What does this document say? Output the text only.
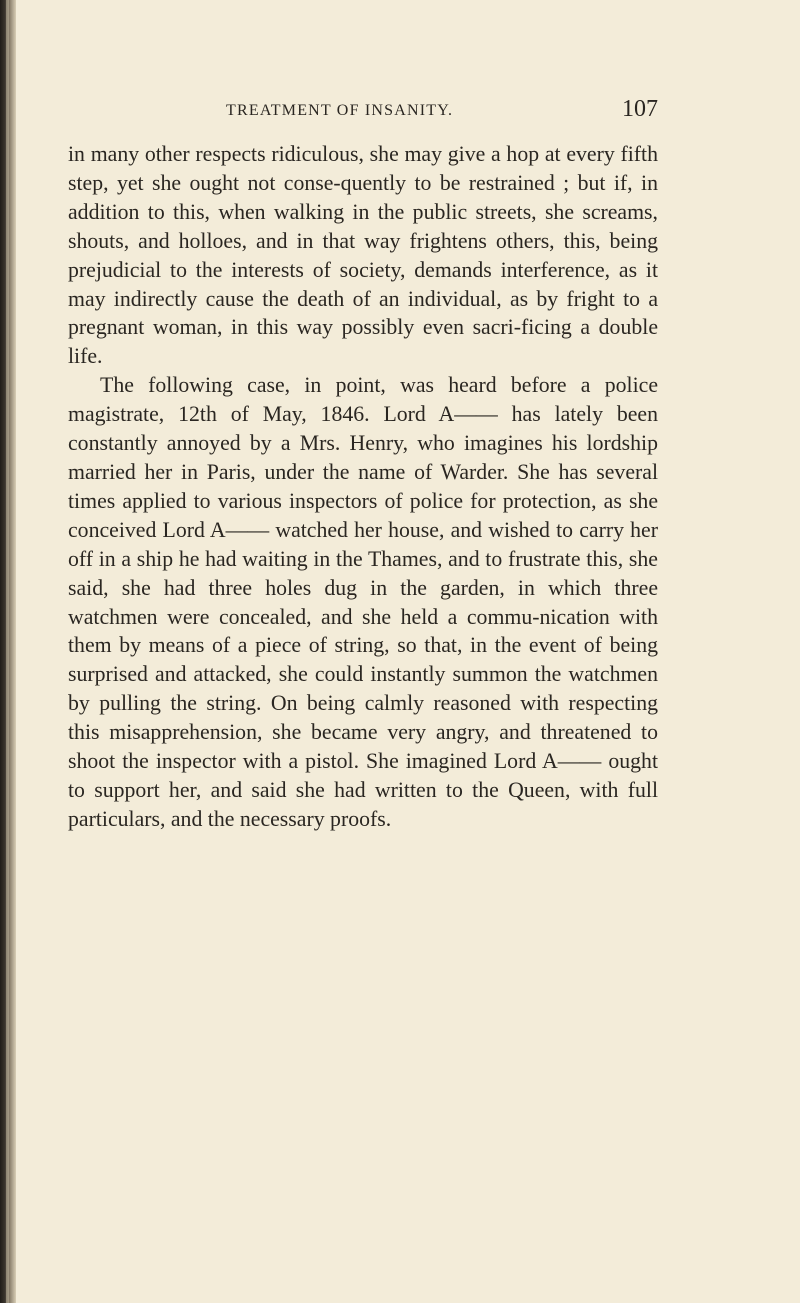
TREATMENT OF INSANITY.	107

in many other respects ridiculous, she may give a hop at every fifth step, yet she ought not conse-quently to be restrained ; but if, in addition to this, when walking in the public streets, she screams, shouts, and holloes, and in that way frightens others, this, being prejudicial to the interests of society, demands interference, as it may indirectly cause the death of an individual, as by fright to a pregnant woman, in this way possibly even sacri-ficing a double life.

The following case, in point, was heard before a police magistrate, 12th of May, 1846. Lord A—— has lately been constantly annoyed by a Mrs. Henry, who imagines his lordship married her in Paris, under the name of Warder. She has several times applied to various inspectors of police for protection, as she conceived Lord A—— watched her house, and wished to carry her off in a ship he had waiting in the Thames, and to frustrate this, she said, she had three holes dug in the garden, in which three watchmen were concealed, and she held a commu-nication with them by means of a piece of string, so that, in the event of being surprised and attacked, she could instantly summon the watchmen by pulling the string. On being calmly reasoned with respecting this misapprehension, she became very angry, and threatened to shoot the inspector with a pistol. She imagined Lord A—— ought to support her, and said she had written to the Queen, with full particulars, and the necessary proofs.
